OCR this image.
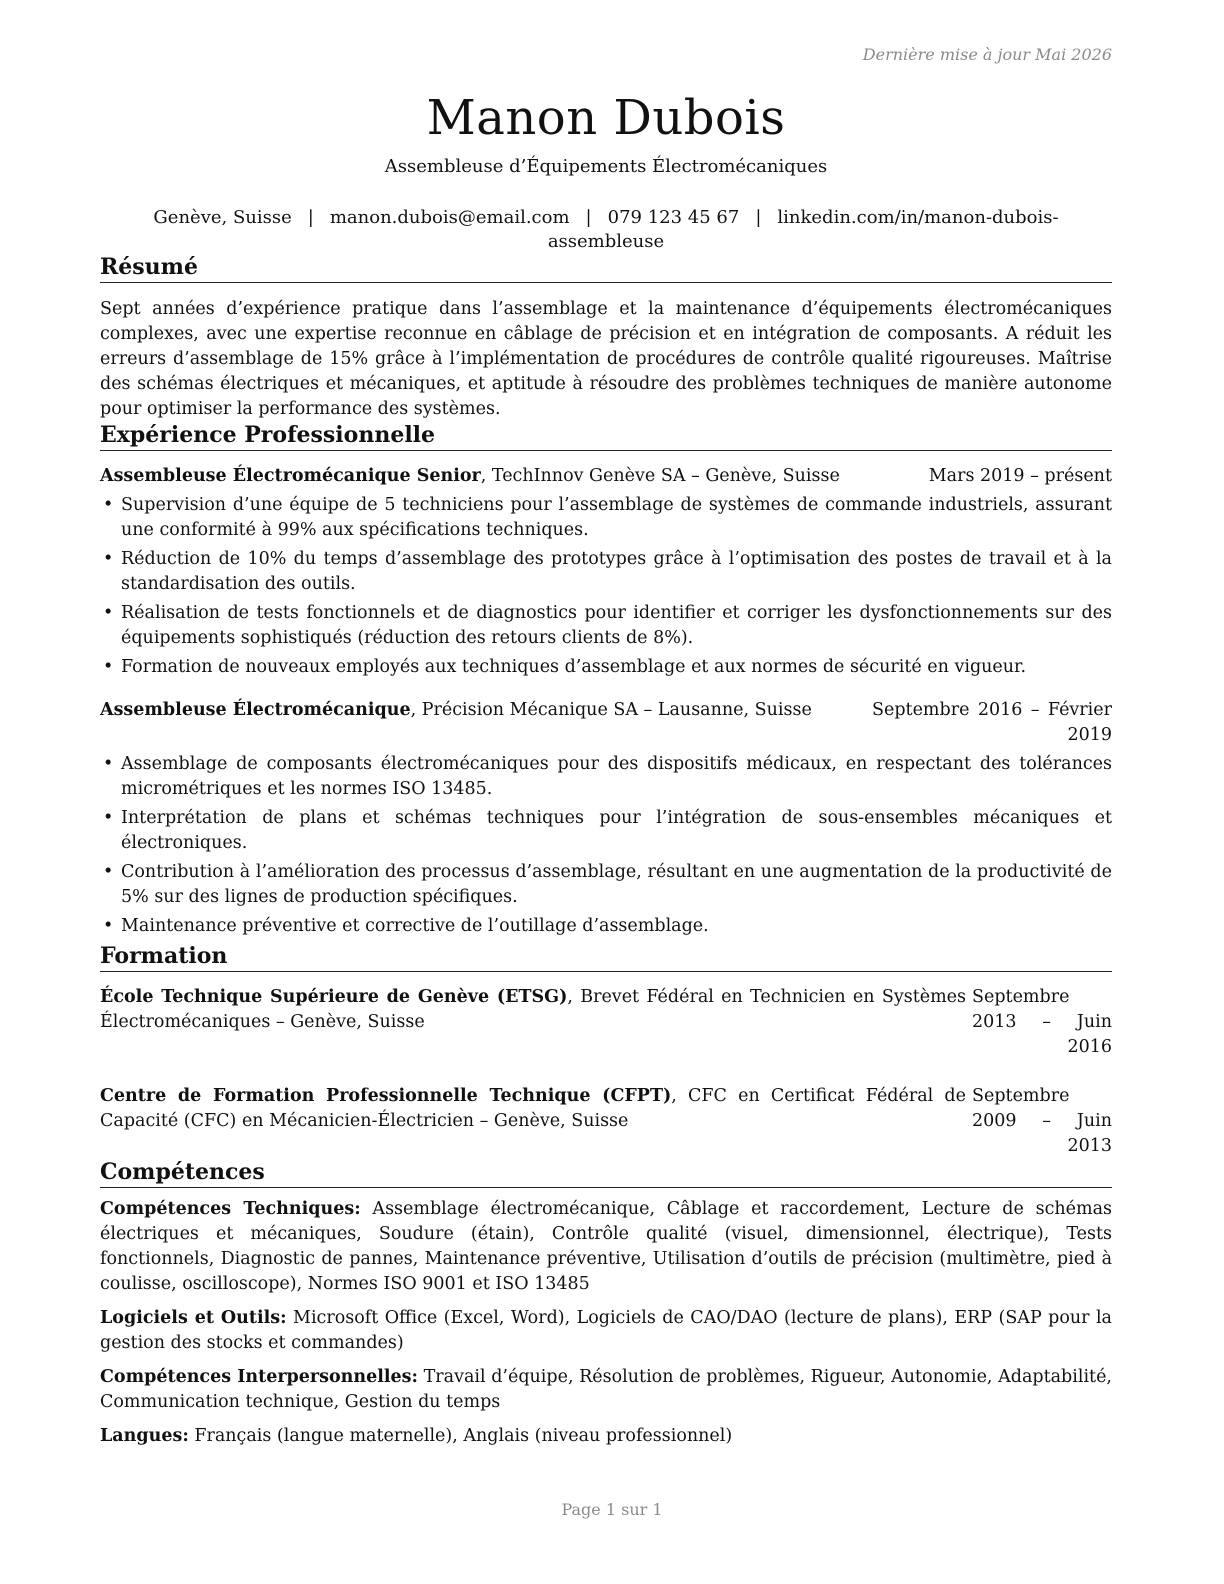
Dernière mise à jour Mai 2026
Manon Dubois
Assembleuse d’Équipements Électromécaniques
Genève, Suisse | manon.dubois@email.com | 079 123 45 67 | linkedin.com/in/manon-dubois-assembleuse
Résumé

Sept années d’expérience pratique dans l’assemblage et la maintenance d’équipements électromécaniques complexes, avec une expertise reconnue en câblage de précision et en intégration de composants. A réduit les erreurs d’assemblage de 15% grâce à l’implémentation de procédures de contrôle qualité rigoureuses. Maîtrise des schémas électriques et mécaniques, et aptitude à résoudre des problèmes techniques de manière autonome pour optimiser la performance des systèmes.

Expérience Professionnelle
Assembleuse Électromécanique Senior, TechInnov Genève SA – Genève, Suisse	Mars 2019 – présent
• Supervision d’une équipe de 5 techniciens pour l’assemblage de systèmes de commande industriels, assurant une conformité à 99% aux spécifications techniques.
• Réduction de 10% du temps d’assemblage des prototypes grâce à l’optimisation des postes de travail et à la standardisation des outils.
• Réalisation de tests fonctionnels et de diagnostics pour identifier et corriger les dysfonctionnements sur des équipements sophistiqués (réduction des retours clients de 8%).
• Formation de nouveaux employés aux techniques d’assemblage et aux normes de sécurité en vigueur.
Assembleuse Électromécanique, Précision Mécanique SA – Lausanne, Suisse	Septembre 2016 – Février 2019
• Assemblage de composants électromécaniques pour des dispositifs médicaux, en respectant des tolérances micrométriques et les normes ISO 13485.
• Interprétation de plans et schémas techniques pour l’intégration de sous-ensembles mécaniques et électroniques.
• Contribution à l’amélioration des processus d’assemblage, résultant en une augmentation de la productivité de 5% sur des lignes de production spécifiques.
• Maintenance préventive et corrective de l’outillage d’assemblage.
Formation
École Technique Supérieure de Genève (ETSG), Brevet Fédéral en Technicien en Systèmes Électromécaniques – Genève, Suisse
Septembre 2013 – Juin 2016
Centre de Formation Professionnelle Technique (CFPT), CFC en Certificat Fédéral de Capacité (CFC) en Mécanicien-Électricien – Genève, Suisse
Septembre 2009 – Juin 2013
Compétences
Compétences Techniques: Assemblage électromécanique, Câblage et raccordement, Lecture de schémas électriques et mécaniques, Soudure (étain), Contrôle qualité (visuel, dimensionnel, électrique), Tests fonctionnels, Diagnostic de pannes, Maintenance préventive, Utilisation d’outils de précision (multimètre, pied à coulisse, oscilloscope), Normes ISO 9001 et ISO 13485
Logiciels et Outils: Microsoft Office (Excel, Word), Logiciels de CAO/DAO (lecture de plans), ERP (SAP pour la gestion des stocks et commandes)
Compétences Interpersonnelles: Travail d’équipe, Résolution de problèmes, Rigueur, Autonomie, Adaptabilité, Communication technique, Gestion du temps
Langues: Français (langue maternelle), Anglais (niveau professionnel)
Page 1 sur 1
